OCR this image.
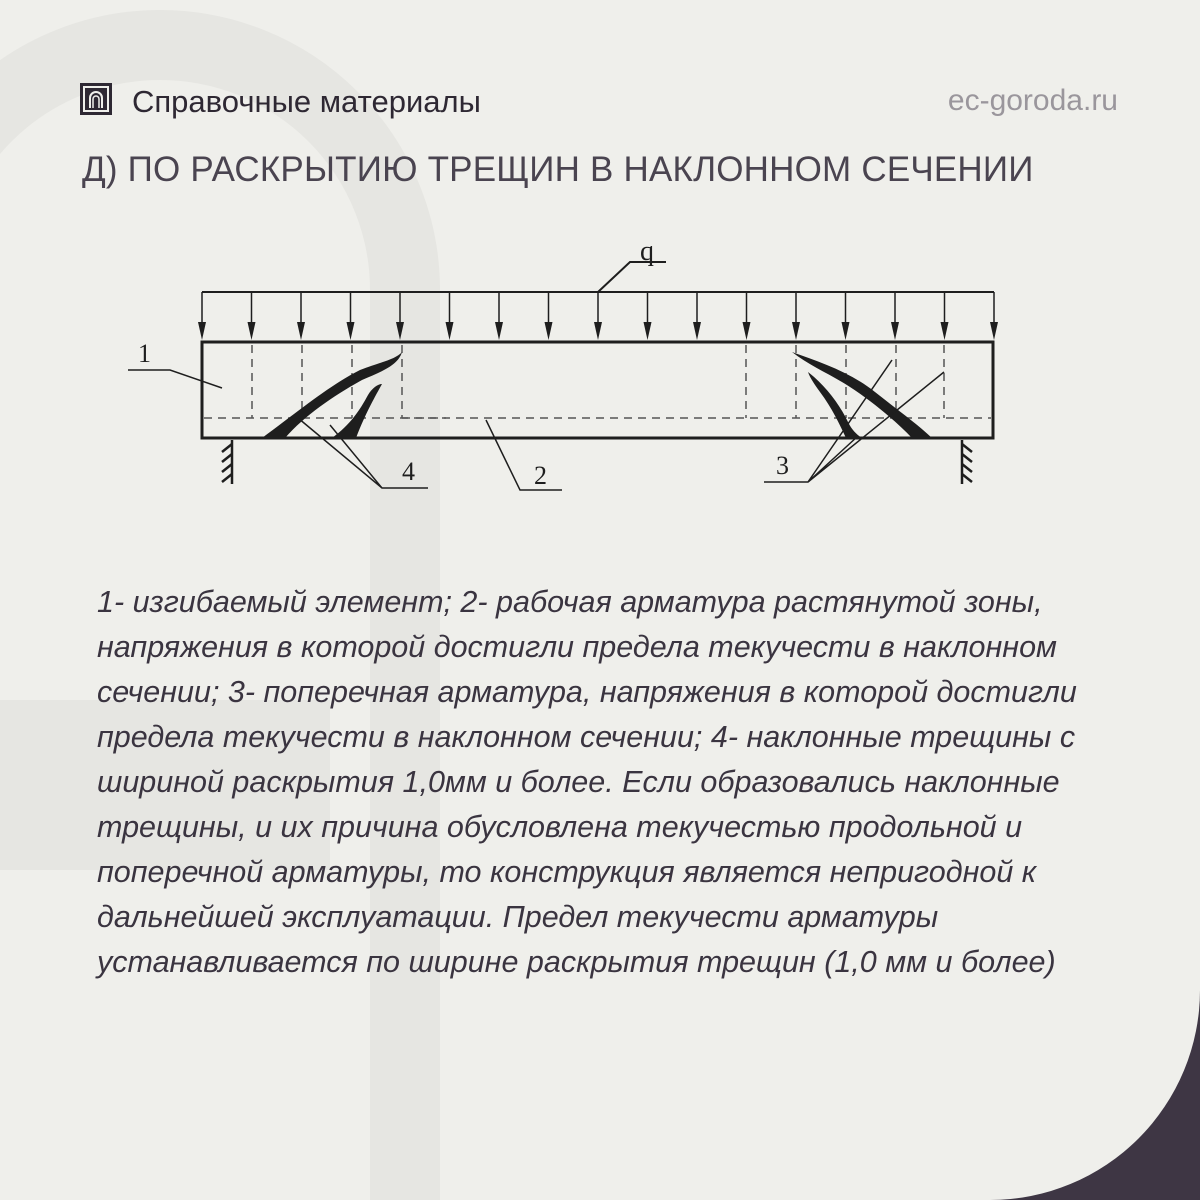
Справочные материалы	ec-goroda.ru
Д) ПО РАСКРЫТИЮ ТРЕЩИН В НАКЛОННОМ СЕЧЕНИИ
q
1
2	3
4
1- изгибаемый элемент; 2- рабочая арматура растянутой зоны, напряжения в которой достигли предела текучести в наклонном сечении; 3- поперечная арматура, напряжения в которой достигли предела текучести в наклонном сечении; 4- наклонные трещины с шириной раскрытия 1,0мм и более. Если образовались наклонные трещины, и их причина обусловлена текучестью продольной и поперечной арматуры, то конструкция является непригодной к дальнейшей эксплуатации. Предел текучести арматуры устанавливается по ширине раскрытия трещин (1,0 мм и более)
